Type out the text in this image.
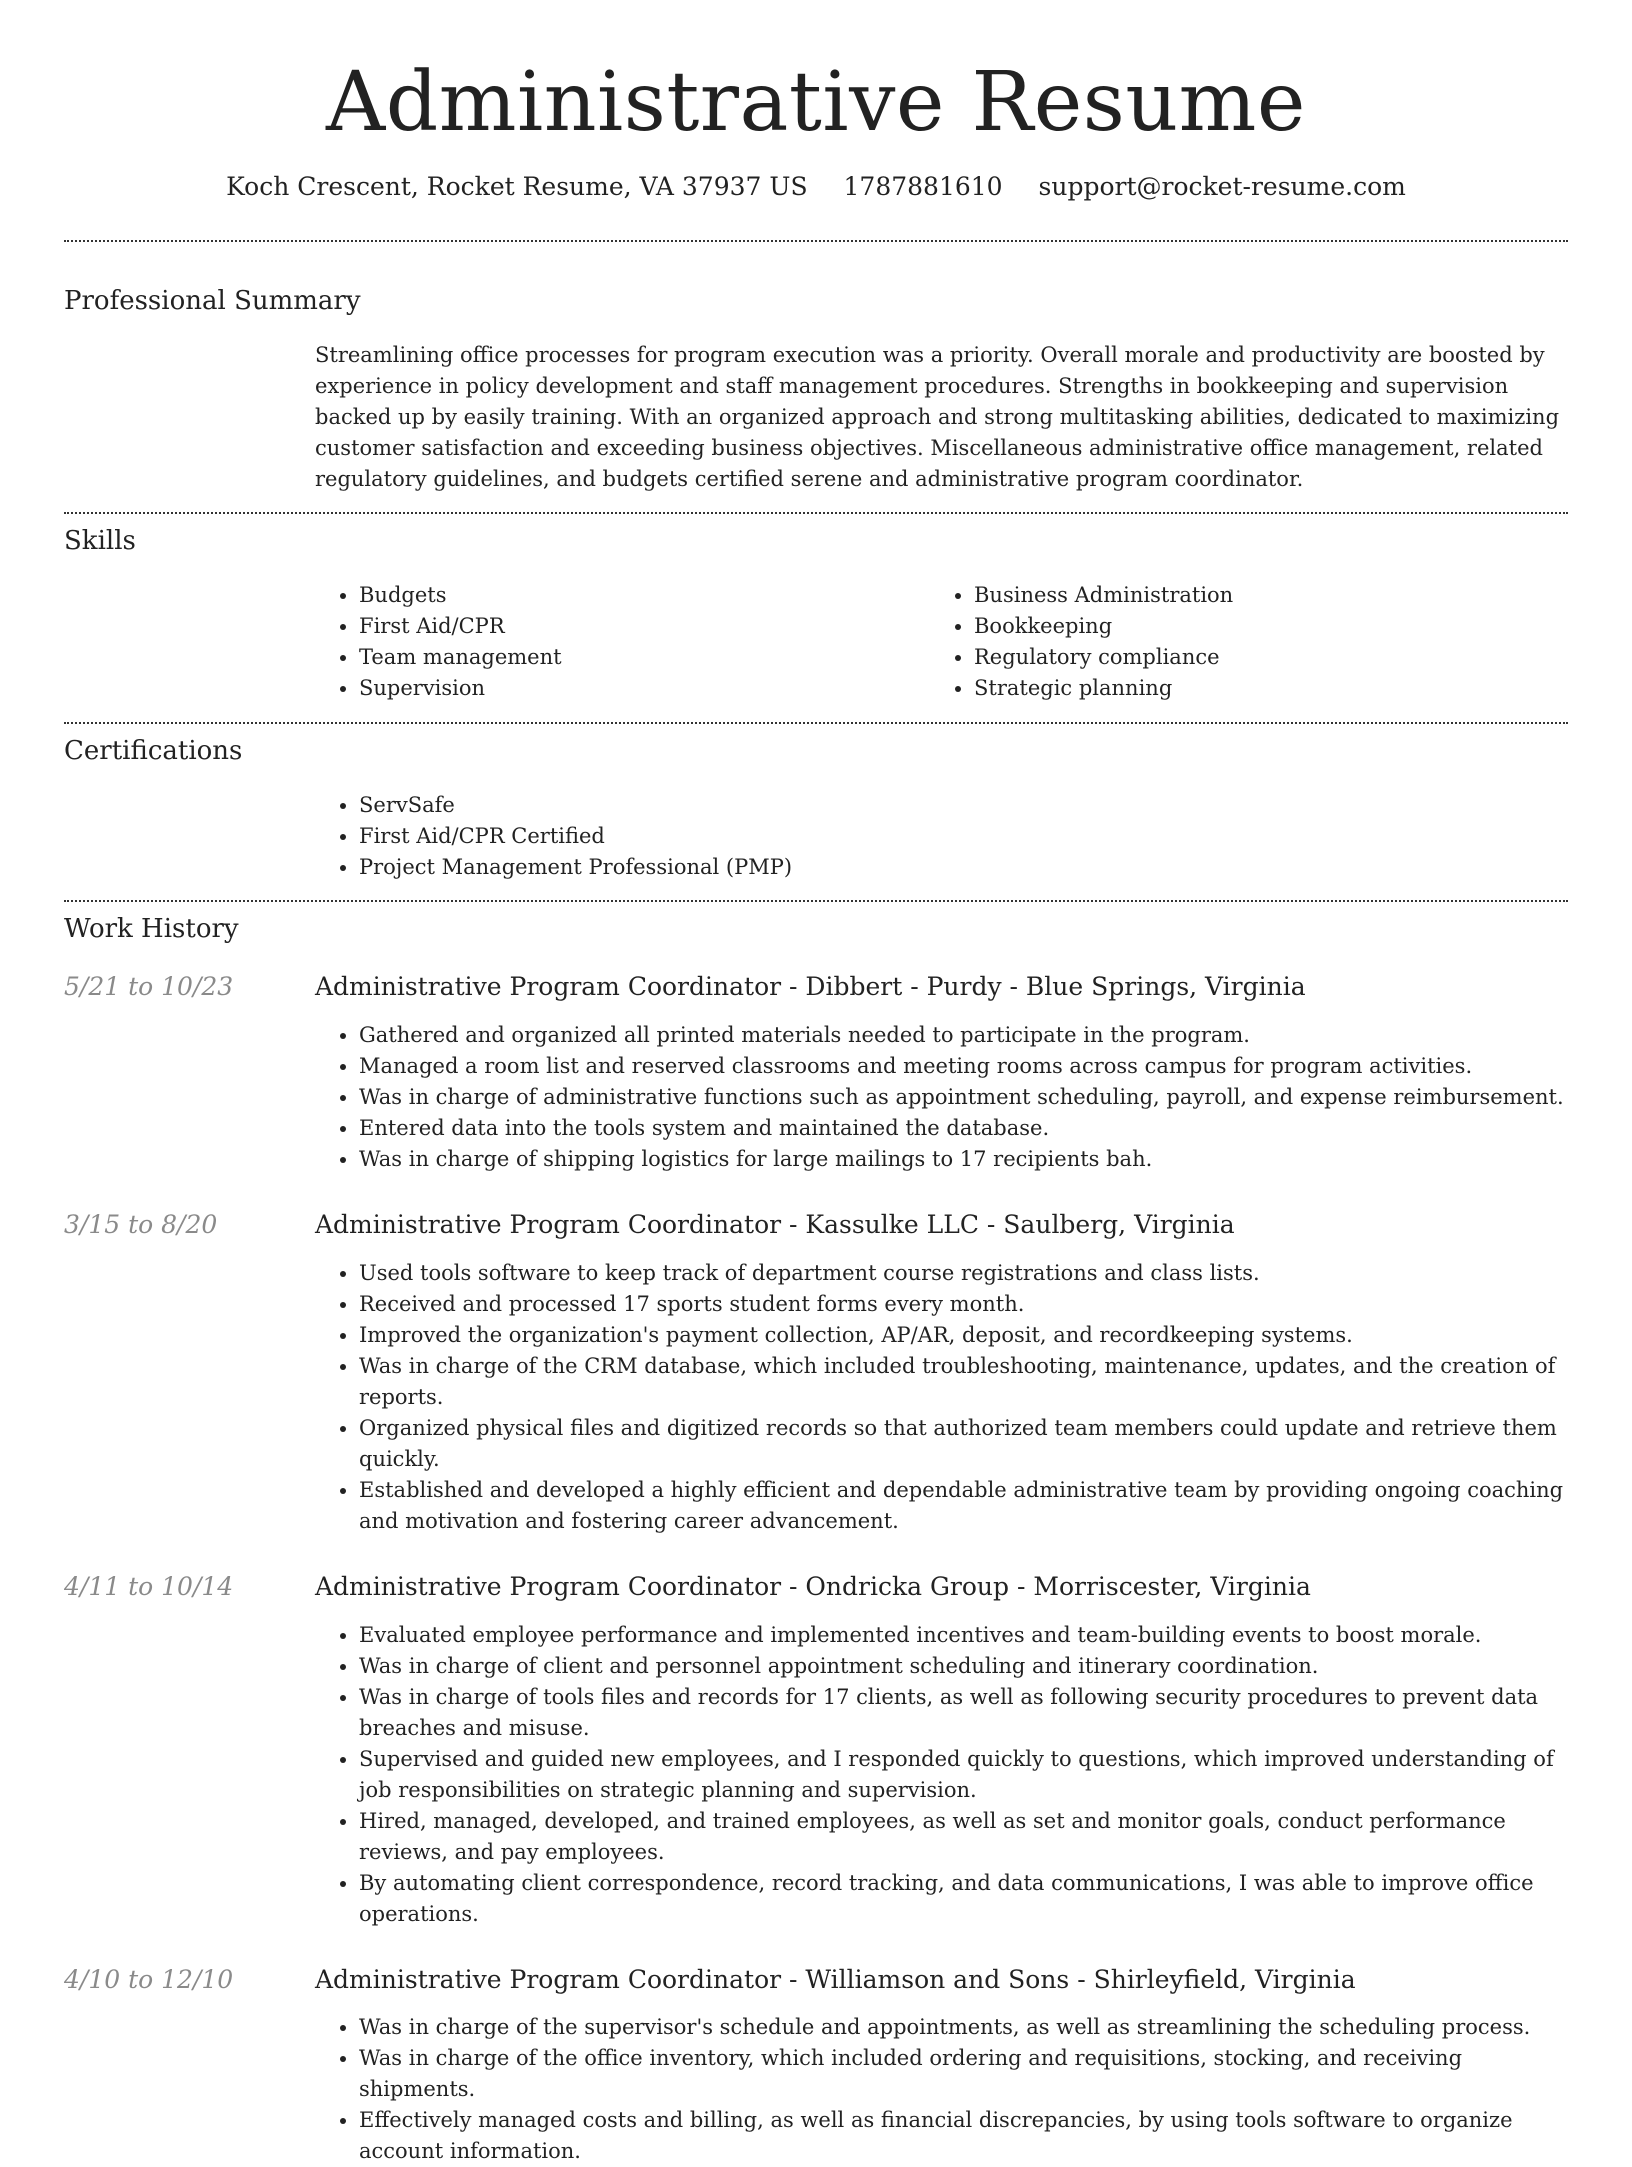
Administrative Resume
Koch Crescent, Rocket Resume, VA 37937 US 1787881610 support@rocket-resume.com
Professional Summary

Streamlining office processes for program execution was a priority. Overall morale and productivity are boosted by experience in policy development and staff management procedures. Strengths in bookkeeping and supervision backed up by easily training. With an organized approach and strong multitasking abilities, dedicated to maximizing customer satisfaction and exceeding business objectives. Miscellaneous administrative office management, related regulatory guidelines, and budgets certified serene and administrative program coordinator.

Skills
• Budgets
• First Aid/CPR
• Team management
• Supervision
• Business Administration
• Bookkeeping
• Regulatory compliance
• Strategic planning
Certifications
• ServSafe
• First Aid/CPR Certified
• Project Management Professional (PMP)
Work History
5/21 to 10/23	Administrative Program Coordinator - Dibbert - Purdy - Blue Springs, Virginia
• Gathered and organized all printed materials needed to participate in the program.
• Managed a room list and reserved classrooms and meeting rooms across campus for program activities.
• Was in charge of administrative functions such as appointment scheduling, payroll, and expense reimbursement.
• Entered data into the tools system and maintained the database.
• Was in charge of shipping logistics for large mailings to 17 recipients bah.
3/15 to 8/20	Administrative Program Coordinator - Kassulke LLC - Saulberg, Virginia
• Used tools software to keep track of department course registrations and class lists.
• Received and processed 17 sports student forms every month.
• Improved the organization's payment collection, AP/AR, deposit, and recordkeeping systems.
• Was in charge of the CRM database, which included troubleshooting, maintenance, updates, and the creation of reports.
• Organized physical files and digitized records so that authorized team members could update and retrieve them quickly.
• Established and developed a highly efficient and dependable administrative team by providing ongoing coaching and motivation and fostering career advancement.
4/11 to 10/14	Administrative Program Coordinator - Ondricka Group - Morriscester, Virginia
• Evaluated employee performance and implemented incentives and team-building events to boost morale.
• Was in charge of client and personnel appointment scheduling and itinerary coordination.
• Was in charge of tools files and records for 17 clients, as well as following security procedures to prevent data breaches and misuse.
• Supervised and guided new employees, and I responded quickly to questions, which improved understanding of job responsibilities on strategic planning and supervision.
• Hired, managed, developed, and trained employees, as well as set and monitor goals, conduct performance reviews, and pay employees.
• By automating client correspondence, record tracking, and data communications, I was able to improve office operations.
4/10 to 12/10	Administrative Program Coordinator - Williamson and Sons - Shirleyfield, Virginia
• Was in charge of the supervisor's schedule and appointments, as well as streamlining the scheduling process.
• Was in charge of the office inventory, which included ordering and requisitions, stocking, and receiving shipments.
• Effectively managed costs and billing, as well as financial discrepancies, by using tools software to organize account information.
